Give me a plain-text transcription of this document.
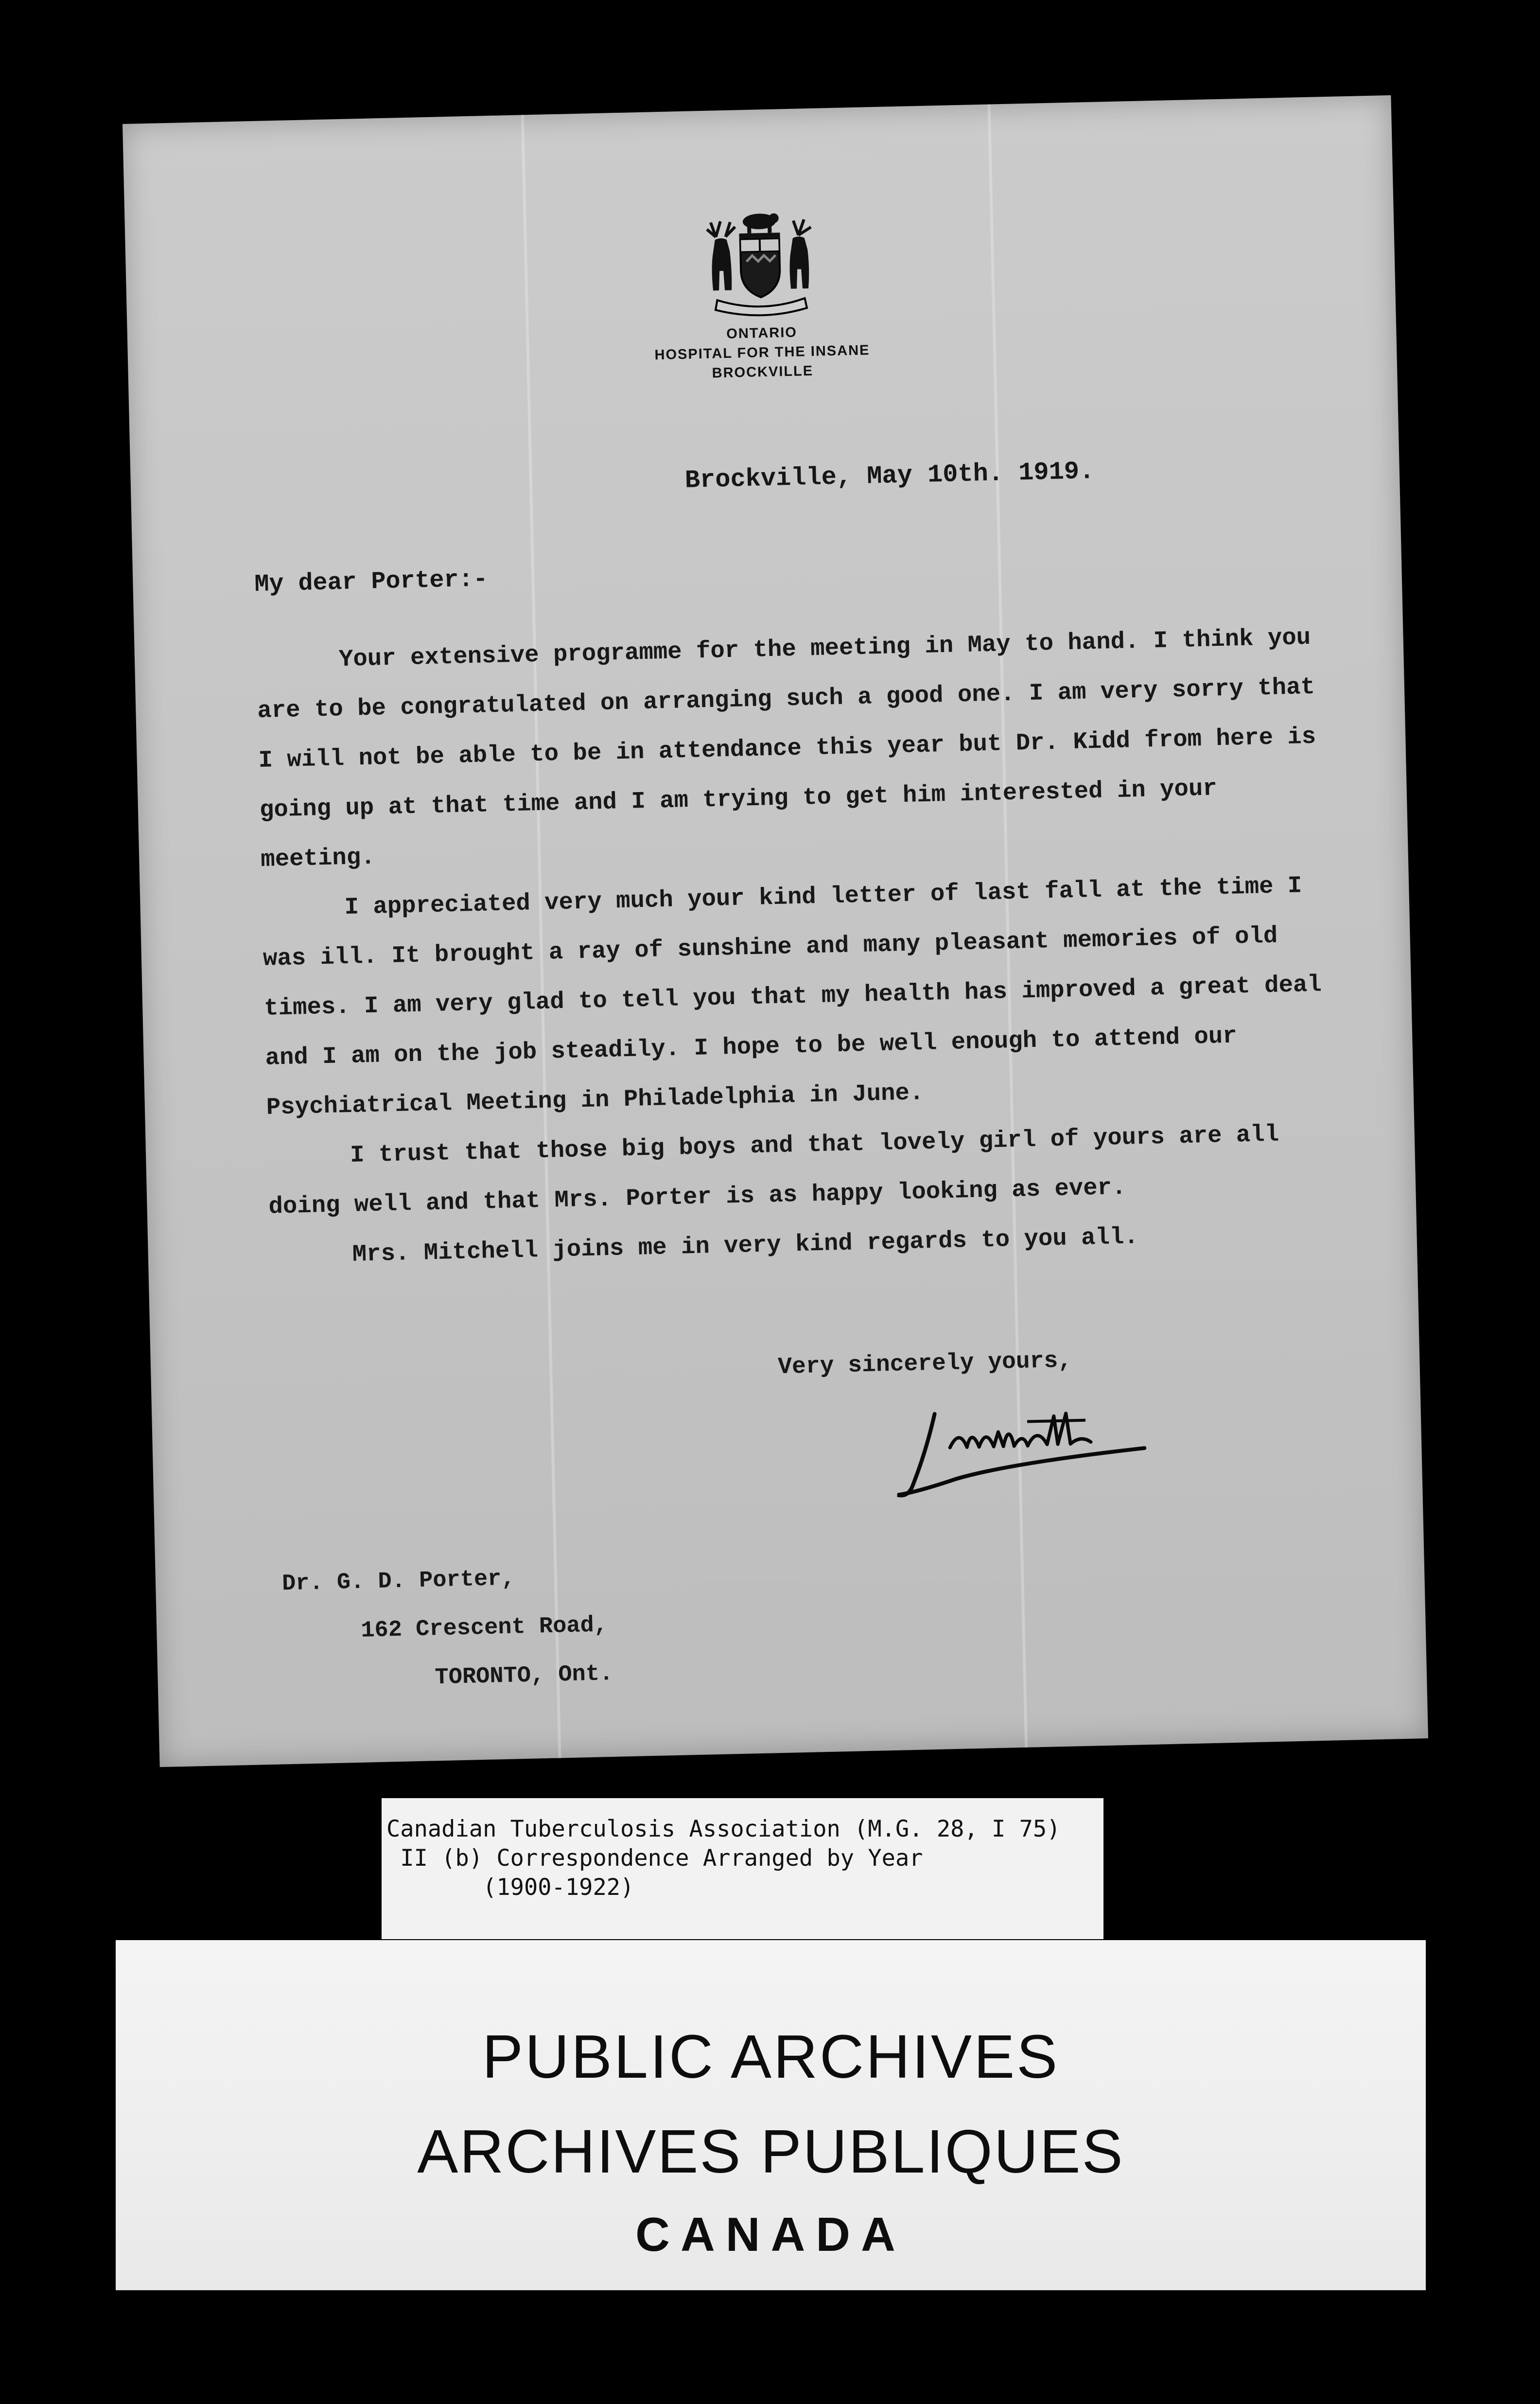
ONTARIO
HOSPITAL FOR THE INSANE
BROCKVILLE
Brockville, May 10th. 1919.
My dear Porter:-

Your extensive programme for the meeting in May to hand. I think you are to be congratulated on arranging such a good one. I am very sorry that I will not be able to be in attendance this year but Dr. Kidd from here is going up at that time and I am trying to get him interested in your meeting.

I appreciated very much your kind letter of last fall at the time I was ill. It brought a ray of sunshine and many pleasant memories of old times. I am very glad to tell you that my health has improved a great deal and I am on the job steadily. I hope to be well enough to attend our Psychiatrical Meeting in Philadelphia in June.

I trust that those big boys and that lovely girl of yours are all doing well and that Mrs. Porter is as happy looking as ever.

Mrs. Mitchell joins me in very kind regards to you all.

Very sincerely yours,
Dr. G. D. Porter,
162 Crescent Road,
TORONTO, Ont.
Canadian Tuberculosis Association (M.G. 28, I 75)
II (b) Correspondence Arranged by Year
(1900-1922)
PUBLIC ARCHIVES
ARCHIVES PUBLIQUES
CANADA
